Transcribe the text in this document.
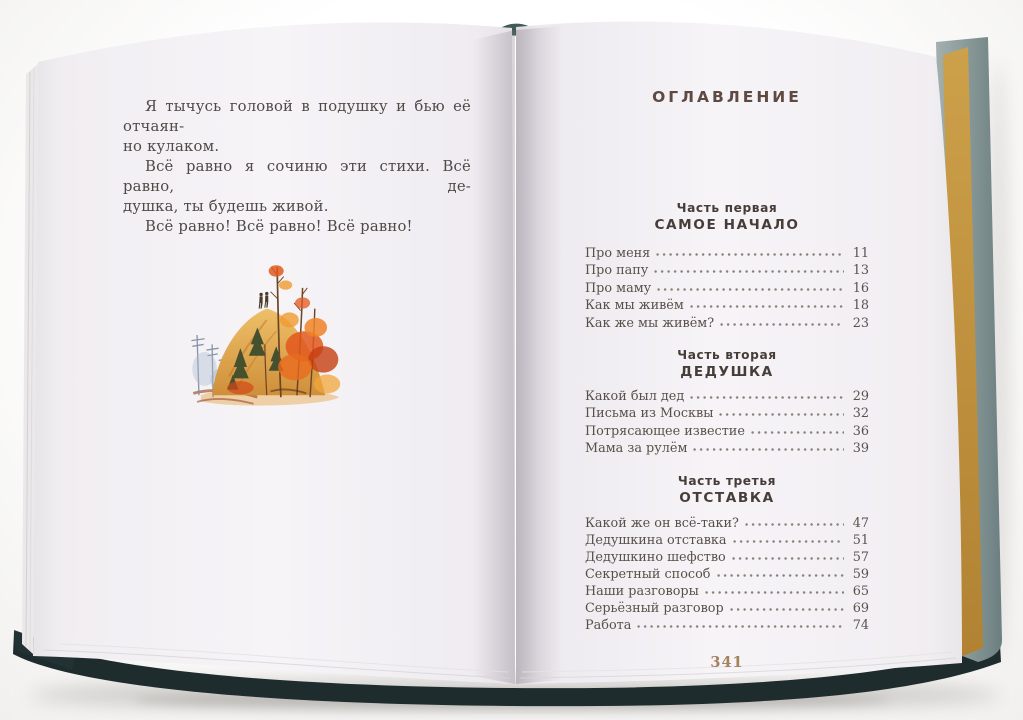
Я тычусь головой в подушку и бью её отчаян-
но кулаком.
Всё равно я сочиню эти стихи. Всё равно, де-
душка, ты будешь живой.
Всё равно! Всё равно! Всё равно!
ОГЛАВЛЕНИЕ
Часть первая
САМОЕ НАЧАЛО
Про меня	11
Про папу	13
Про маму	16
Как мы живём	18
Как же мы живём?	23
Часть вторая
ДЕДУШКА
Какой был дед	29
Письма из Москвы	32
Потрясающее известие	36
Мама за рулём	39
Часть третья
ОТСТАВКА
Какой же он всё-таки?	47
Дедушкина отставка	51
Дедушкино шефство	57
Секретный способ	59
Наши разговоры	65
Серьёзный разговор	69
Работа	74
341
